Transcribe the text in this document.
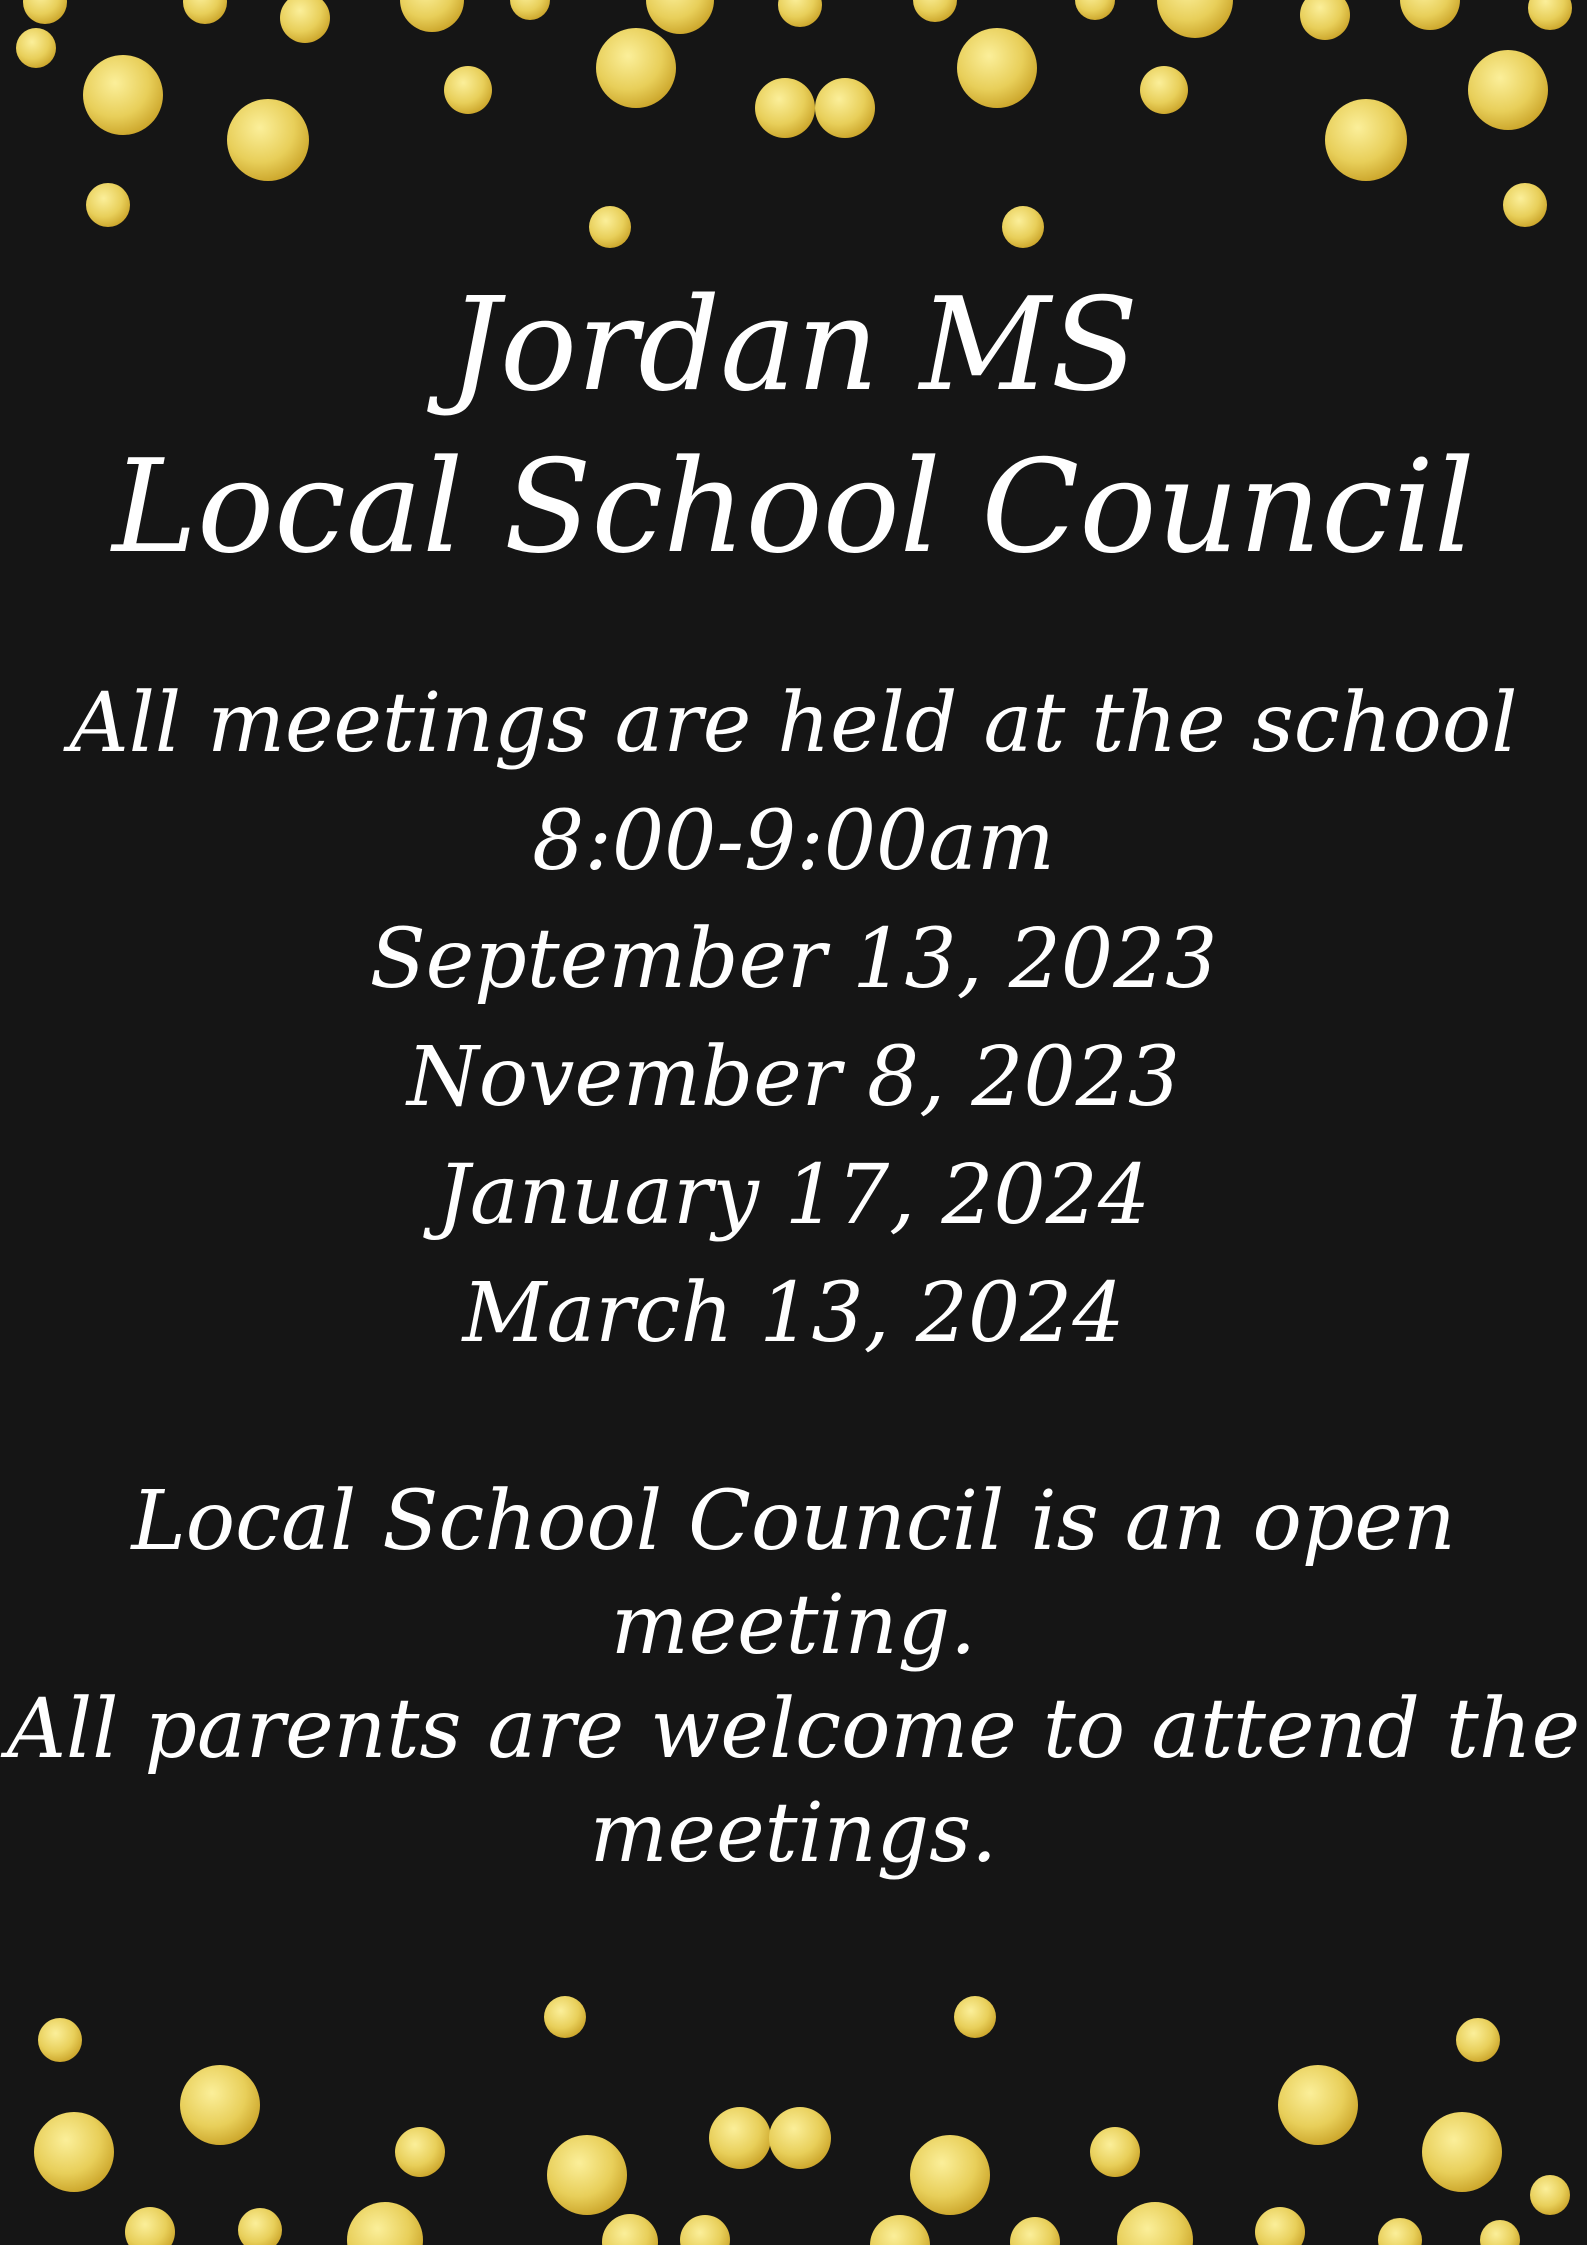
Jordan MS
Local School Council
All meetings are held at the school
8:00-9:00am
September 13, 2023
November 8, 2023
January 17, 2024
March 13, 2024
Local School Council is an open meeting.
All parents are welcome to attend the
meetings.
